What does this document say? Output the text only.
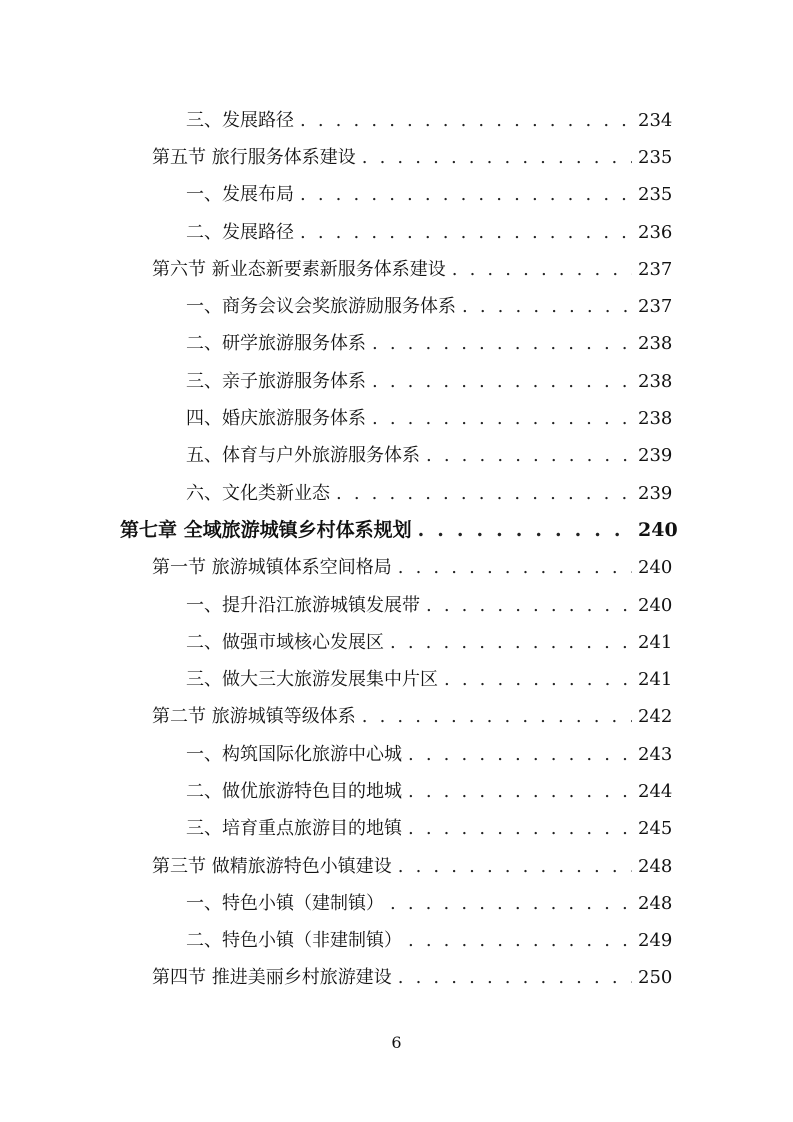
三、发展路径 . . .	234
第五节 旅行服务体系建设 . . .	235
一、发展布局 . . .	235
二、发展路径 . . .	236
第六节 新业态新要素新服务体系建设 . . .	237
一、商务会议会奖旅游励服务体系 . . .	237
二、研学旅游服务体系 . . .	238
三、亲子旅游服务体系 . . .	238
四、婚庆旅游服务体系 . . .	238
五、体育与户外旅游服务体系 . . .	239
六、文化类新业态 . . .	239
第七章 全域旅游城镇乡村体系规划 . . .	240
第一节 旅游城镇体系空间格局 . . .	240
一、提升沿江旅游城镇发展带 . . .	240
二、做强市域核心发展区 . . .	241
三、做大三大旅游发展集中片区 . . .	241
第二节 旅游城镇等级体系 . . .	242
一、构筑国际化旅游中心城 . . .	243
二、做优旅游特色目的地城 . . .	244
三、培育重点旅游目的地镇 . . .	245
第三节 做精旅游特色小镇建设 . . .	248
一、特色小镇（建制镇） . . .	248
二、特色小镇（非建制镇） . . .	249
第四节 推进美丽乡村旅游建设 . . .	250
6
